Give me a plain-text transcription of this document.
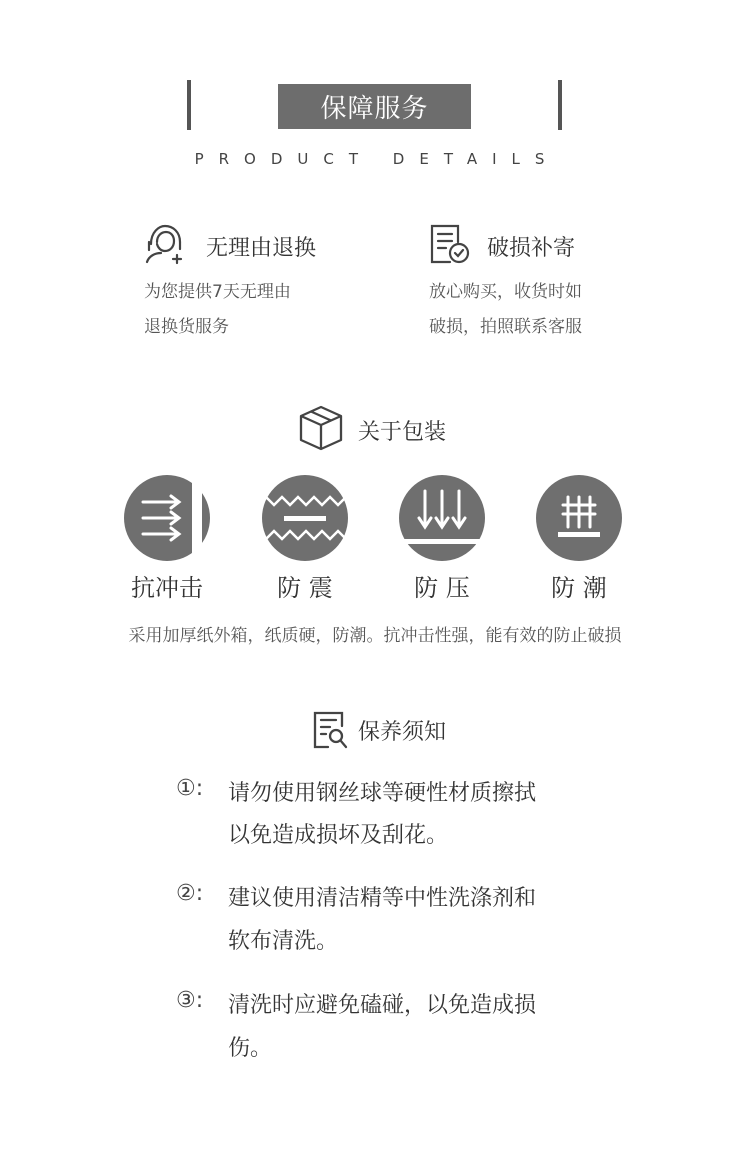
保障服务
PRODUCT DETAILS
无理由退换
为您提供7天无理由
退换货服务
破损补寄
放心购买，收货时如
破损，拍照联系客服
关于包装
抗冲击	防 震	防 压	防 潮
采用加厚纸外箱，纸质硬，防潮。抗冲击性强，能有效的防止破损
保养须知
①: 请勿使用钢丝球等硬性材质擦拭
以免造成损坏及刮花。
②: 建议使用清洁精等中性洗涤剂和
软布清洗。
③: 清洗时应避免磕碰，以免造成损
伤。
